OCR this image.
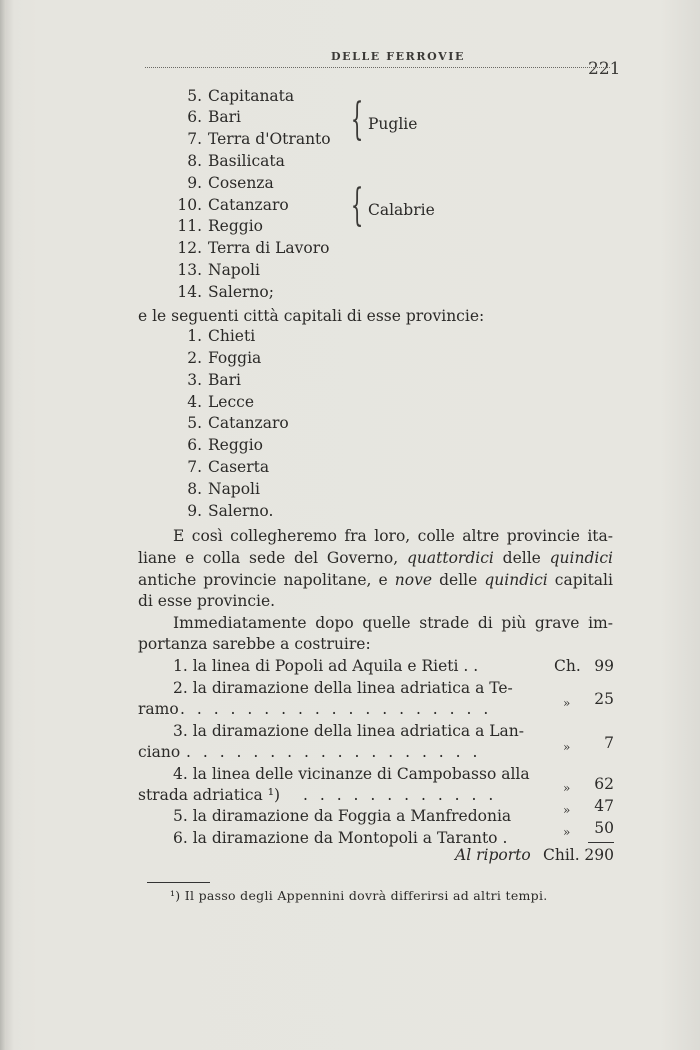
DELLE FERROVIE
221
5. Capitanata
6. Bari
7. Terra d'Otranto
8. Basilicata
9. Cosenza
10. Catanzaro
11. Reggio
12. Terra di Lavoro
13. Napoli
14. Salerno;
{ Puglie
{ Calabrie
e le seguenti città capitali di esse provincie:
1. Chieti
2. Foggia
3. Bari
4. Lecce
5. Catanzaro
6. Reggio
7. Caserta
8. Napoli
9. Salerno.
E così collegheremo fra loro, colle altre provincie ita-
liane e colla sede del Governo, quattordici delle quindici
antiche provincie napolitane, e nove delle quindici capitali
di esse provincie.
Immediatamente dopo quelle strade di più grave im-
portanza sarebbe a costruire:
1. la linea di Popoli ad Aquila e Rieti . .	Ch. 99
2. la diramazione della linea adriatica a Te-
ramo . . . . . . . . . . . . . . . . . . .	»	25
3. la diramazione della linea adriatica a Lan-
ciano . . . . . . . . . . . . . . . . . .	»	7
4. la linea delle vicinanze di Campobasso alla
strada adriatica ¹) . . . . . . . . . . . .	»	62
5. la diramazione da Foggia a Manfredonia	»	47
6. la diramazione da Montopoli a Taranto .	»	50
Al riporto Chil. 290
¹) Il passo degli Appennini dovrà differirsi ad altri tempi.
